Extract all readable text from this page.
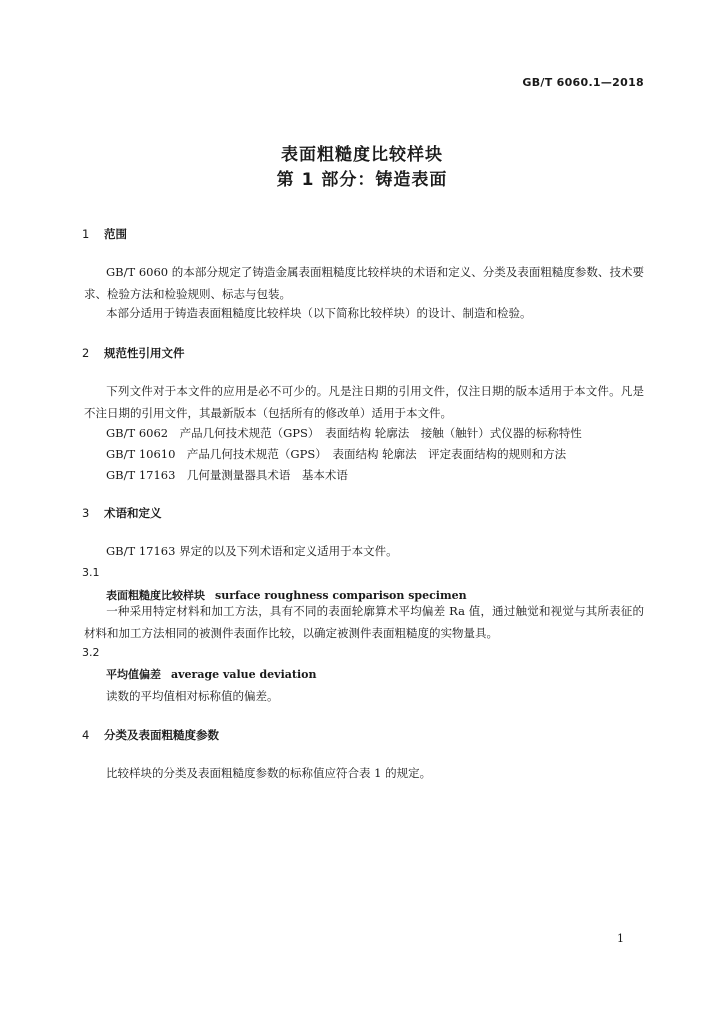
GB/T 6060.1—2018
表面粗糙度比较样块
第 1 部分：铸造表面
1 范围
GB/T 6060 的本部分规定了铸造金属表面粗糙度比较样块的术语和定义、分类及表面粗糙度参数、技术要求、检验方法和检验规则、标志与包装。
本部分适用于铸造表面粗糙度比较样块（以下简称比较样块）的设计、制造和检验。
2 规范性引用文件
下列文件对于本文件的应用是必不可少的。凡是注日期的引用文件，仅注日期的版本适用于本文件。凡是不注日期的引用文件，其最新版本（包括所有的修改单）适用于本文件。
GB/T 6062　产品几何技术规范（GPS）　表面结构 轮廓法　接触（触针）式仪器的标称特性
GB/T 10610　产品几何技术规范（GPS）　表面结构 轮廓法　评定表面结构的规则和方法
GB/T 17163　几何量测量器具术语　基本术语
3 术语和定义
GB/T 17163 界定的以及下列术语和定义适用于本文件。
3.1
表面粗糙度比较样块 surface roughness comparison specimen
一种采用特定材料和加工方法，具有不同的表面轮廓算术平均偏差 Ra 值，通过触觉和视觉与其所表征的材料和加工方法相同的被测件表面作比较，以确定被测件表面粗糙度的实物量具。
3.2
平均值偏差 average value deviation
读数的平均值相对标称值的偏差。
4 分类及表面粗糙度参数
比较样块的分类及表面粗糙度参数的标称值应符合表 1 的规定。
1
